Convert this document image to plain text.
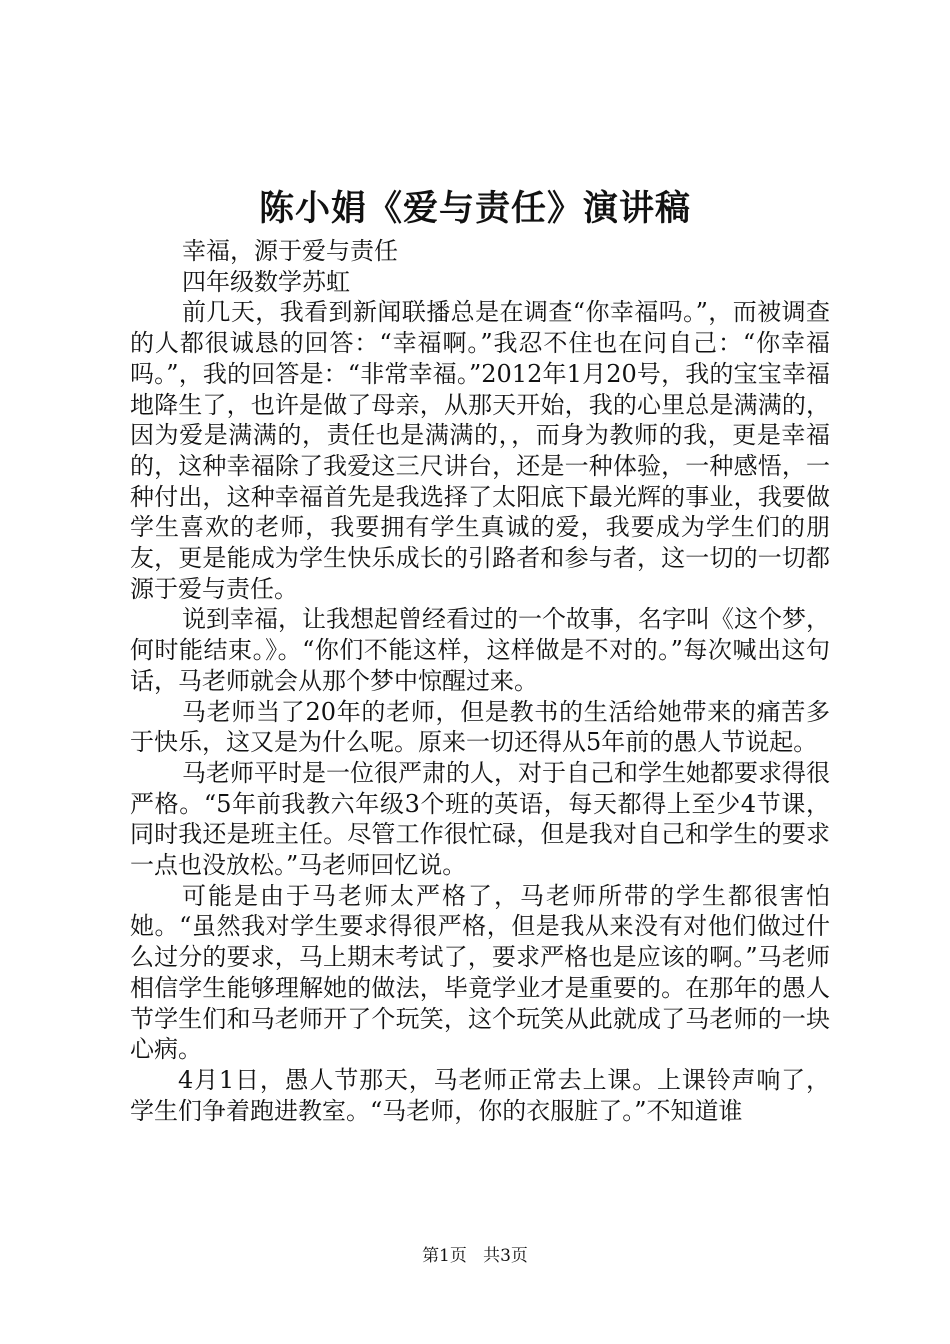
陈小娟《爱与责任》演讲稿

幸福，源于爱与责任

四年级数学苏虹

前几天，我看到新闻联播总是在调查“你幸福吗。”，而被调查的人都很诚恳的回答：“幸福啊。”我忍不住也在问自己：“你幸福吗。”，我的回答是：“非常幸福。”2012年1月20号，我的宝宝幸福地降生了，也许是做了母亲，从那天开始，我的心里总是满满的，因为爱是满满的，责任也是满满的，，而身为教师的我，更是幸福的，这种幸福除了我爱这三尺讲台，还是一种体验，一种感悟，一种付出，这种幸福首先是我选择了太阳底下最光辉的事业，我要做学生喜欢的老师，我要拥有学生真诚的爱，我要成为学生们的朋友，更是能成为学生快乐成长的引路者和参与者，这一切的一切都源于爱与责任。

说到幸福，让我想起曾经看过的一个故事，名字叫《这个梦，何时能结束。》。“你们不能这样，这样做是不对的。”每次喊出这句话，马老师就会从那个梦中惊醒过来。

马老师当了20年的老师，但是教书的生活给她带来的痛苦多于快乐，这又是为什么呢。原来一切还得从5年前的愚人节说起。

马老师平时是一位很严肃的人，对于自己和学生她都要求得很严格。“5年前我教六年级3个班的英语，每天都得上至少4节课，同时我还是班主任。尽管工作很忙碌，但是我对自己和学生的要求一点也没放松。”马老师回忆说。

可能是由于马老师太严格了，马老师所带的学生都很害怕她。“虽然我对学生要求得很严格，但是我从来没有对他们做过什么过分的要求，马上期末考试了，要求严格也是应该的啊。”马老师相信学生能够理解她的做法，毕竟学业才是重要的。在那年的愚人节学生们和马老师开了个玩笑，这个玩笑从此就成了马老师的一块心病。

4月1日，愚人节那天，马老师正常去上课。上课铃声响了，学生们争着跑进教室。“马老师，你的衣服脏了。”不知道谁

第1页 共3页
